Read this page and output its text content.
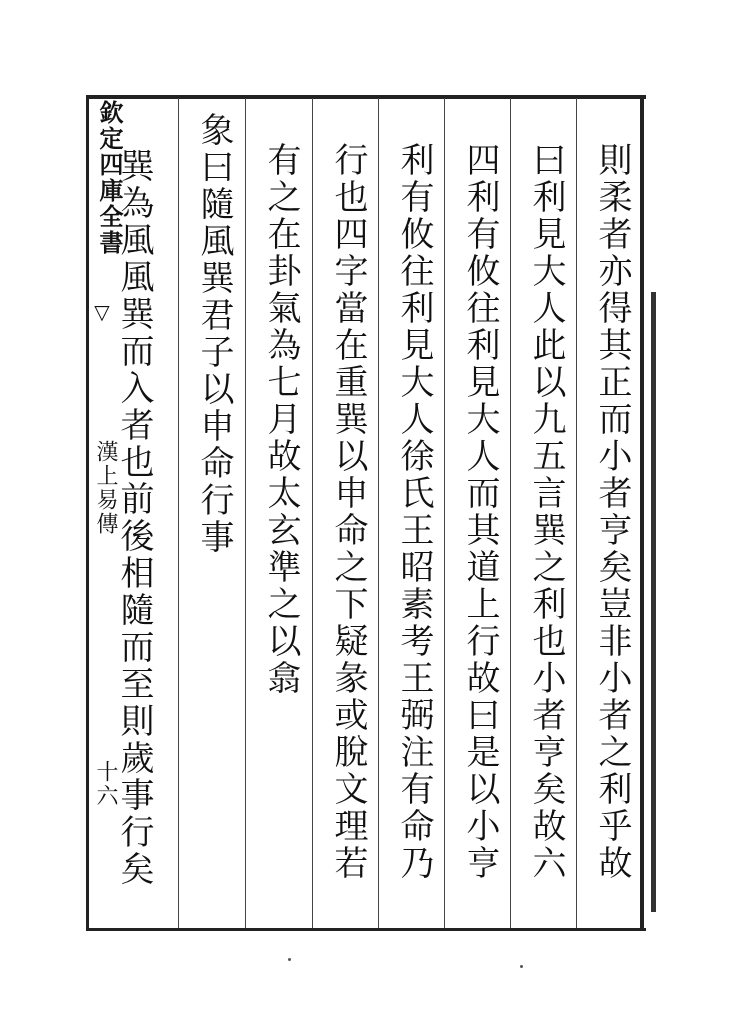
則柔者亦得其正而小者亨矣豈非小者之利乎故
曰利見大人此以九五言巽之利也小者亨矣故六
四利有攸往利見大人而其道上行故曰是以小亨
利有攸往利見大人徐氏王昭素考王弼注有命乃
行也四字當在重巽以申命之下疑彖或脫文理若
有之在卦氣為七月故太玄準之以翕
象曰隨風巽君子以申命行事
巽為風風巽而入者也前後相隨而至則歲事行矣
欽定四庫全書
▽
漢上易傳
十六
